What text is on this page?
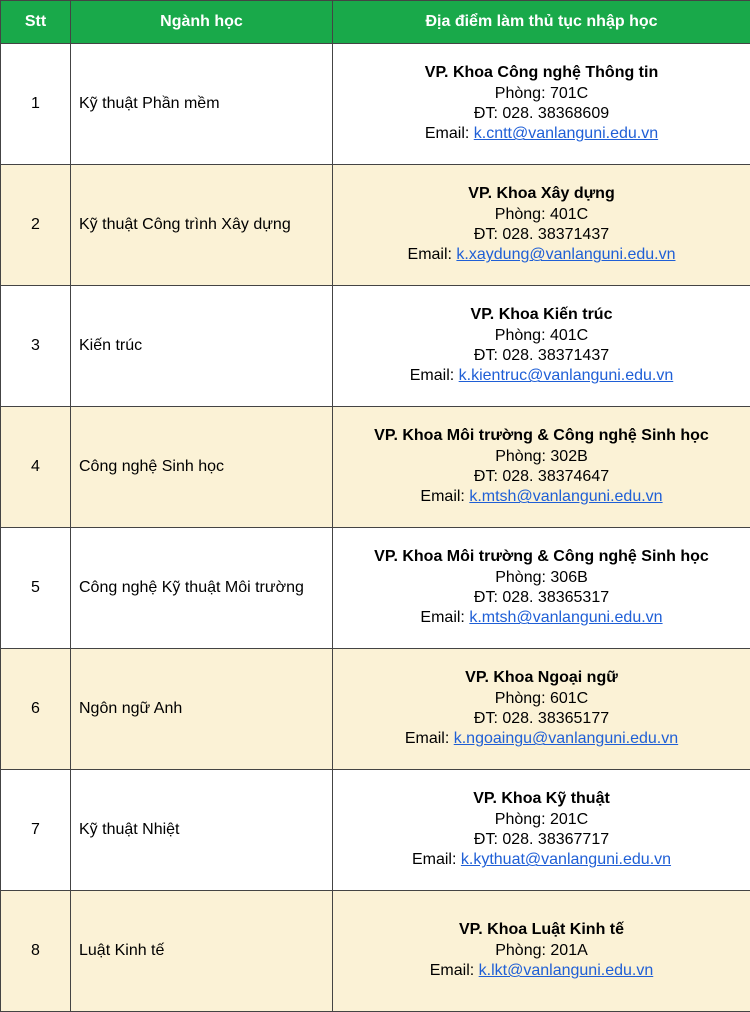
Stt	Ngành học	Địa điểm làm thủ tục nhập học
1	Kỹ thuật Phần mềm	VP. Khoa Công nghệ Thông tin
Phòng: 701C
ĐT: 028. 38368609
Email: k.cntt@vanlanguni.edu.vn

2	Kỹ thuật Công trình Xây dựng	VP. Khoa Xây dựng
Phòng: 401C
ĐT: 028. 38371437
Email: k.xaydung@vanlanguni.edu.vn

3	Kiến trúc	VP. Khoa Kiến trúc
Phòng: 401C
ĐT: 028. 38371437
Email: k.kientruc@vanlanguni.edu.vn

4	Công nghệ Sinh học	VP. Khoa Môi trường & Công nghệ Sinh học
Phòng: 302B
ĐT: 028. 38374647
Email: k.mtsh@vanlanguni.edu.vn

5	Công nghệ Kỹ thuật Môi trường	VP. Khoa Môi trường & Công nghệ Sinh học
Phòng: 306B
ĐT: 028. 38365317
Email: k.mtsh@vanlanguni.edu.vn

6	Ngôn ngữ Anh	VP. Khoa Ngoại ngữ
Phòng: 601C
ĐT: 028. 38365177
Email: k.ngoaingu@vanlanguni.edu.vn

7	Kỹ thuật Nhiệt	VP. Khoa Kỹ thuật
Phòng: 201C
ĐT: 028. 38367717
Email: k.kythuat@vanlanguni.edu.vn

8	Luật Kinh tế	VP. Khoa Luật Kinh tế
Phòng: 201A
Email: k.lkt@vanlanguni.edu.vn
